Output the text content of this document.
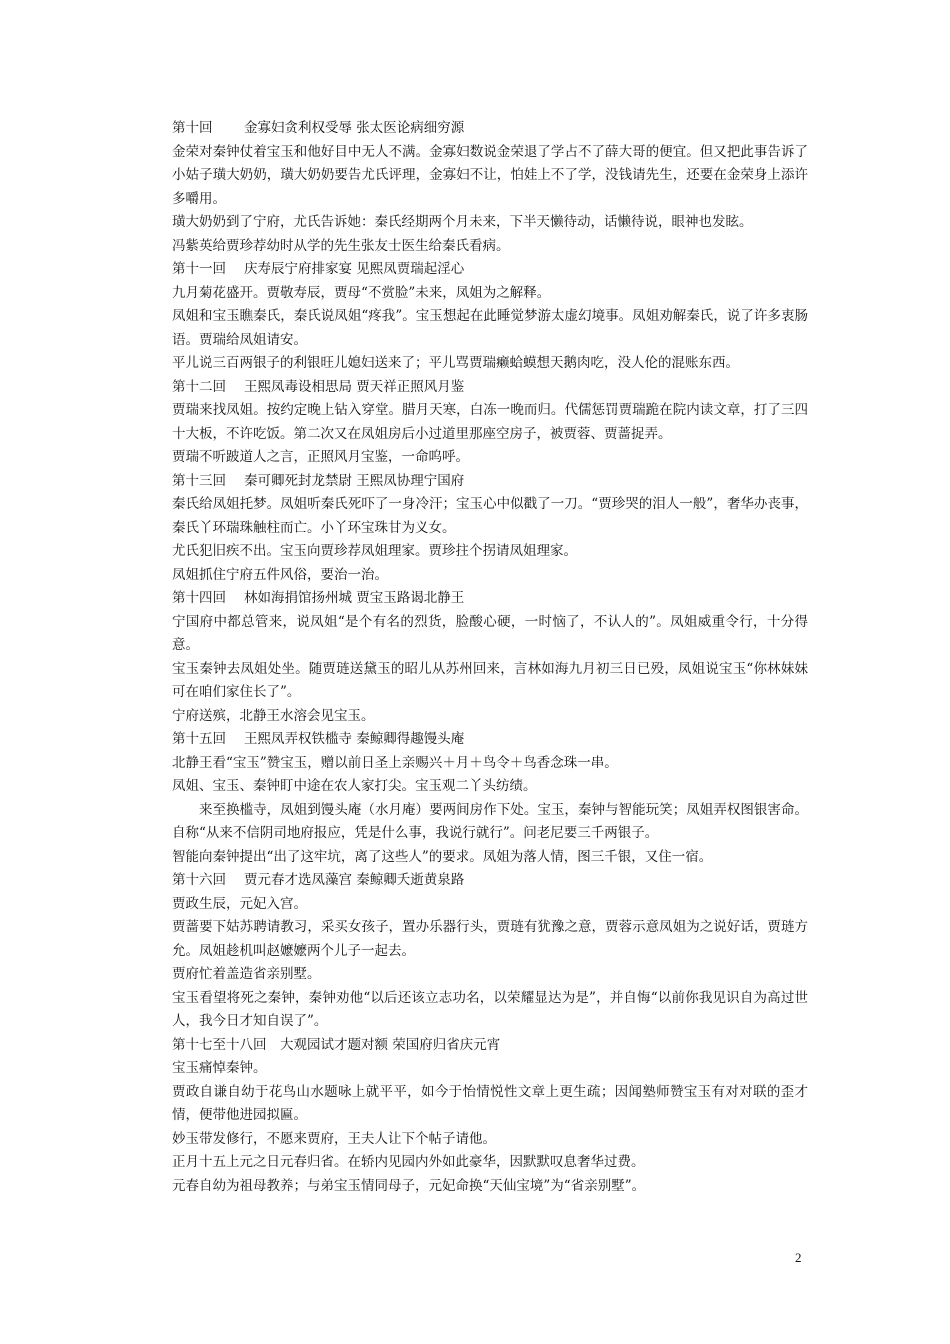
第十回 金寡妇贪利权受辱 张太医论病细穷源

金荣对秦钟仗着宝玉和他好目中无人不满。金寡妇数说金荣退了学占不了薛大哥的便宜。但又把此事告诉了小姑子璜大奶奶，璜大奶奶要告尤氏评理，金寡妇不让，怕娃上不了学，没钱请先生，还要在金荣身上添许多嚼用。

璜大奶奶到了宁府，尤氏告诉她：秦氏经期两个月未来，下半天懒待动，话懒待说，眼神也发眩。

冯紫英给贾珍荐幼时从学的先生张友士医生给秦氏看病。

第十一回 庆寿辰宁府排家宴 见熙凤贾瑞起淫心

九月菊花盛开。贾敬寿辰，贾母“不赏脸”未来，凤姐为之解释。

凤姐和宝玉瞧秦氏，秦氏说凤姐“疼我”。宝玉想起在此睡觉梦游太虚幻境事。凤姐劝解秦氏，说了许多衷肠语。贾瑞给凤姐请安。

平儿说三百两银子的利银旺儿媳妇送来了；平儿骂贾瑞癞蛤蟆想天鹅肉吃，没人伦的混账东西。

第十二回 王熙凤毒设相思局 贾天祥正照风月鉴

贾瑞来找凤姐。按约定晚上钻入穿堂。腊月天寒，白冻一晚而归。代儒惩罚贾瑞跪在院内读文章，打了三四十大板，不许吃饭。第二次又在凤姐房后小过道里那座空房子，被贾蓉、贾蔷捉弄。

贾瑞不听跛道人之言，正照风月宝鉴，一命呜呼。

第十三回 秦可卿死封龙禁尉 王熙凤协理宁国府

秦氏给凤姐托梦。凤姐听秦氏死吓了一身冷汗；宝玉心中似戳了一刀。“贾珍哭的泪人一般”，奢华办丧事，秦氏丫环瑞珠触柱而亡。小丫环宝珠甘为义女。

尤氏犯旧疾不出。宝玉向贾珍荐凤姐理家。贾珍拄个拐请凤姐理家。

凤姐抓住宁府五件风俗，要治一治。

第十四回 林如海捐馆扬州城 贾宝玉路谒北静王

宁国府中都总管来，说凤姐“是个有名的烈货，脸酸心硬，一时恼了，不认人的”。凤姐威重令行，十分得意。

宝玉秦钟去凤姐处坐。随贾琏送黛玉的昭儿从苏州回来，言林如海九月初三日已殁，凤姐说宝玉“你林妹妹可在咱们家住长了”。

宁府送殡，北静王水溶会见宝玉。

第十五回 王熙凤弄权铁槛寺 秦鲸卿得趣馒头庵

北静王看“宝玉”赞宝玉，赠以前日圣上亲赐兴＋月＋鸟令＋鸟香念珠一串。

凤姐、宝玉、秦钟盯中途在农人家打尖。宝玉观二丫头纺绩。

来至换槛寺，凤姐到馒头庵（水月庵）要两间房作下处。宝玉，秦钟与智能玩笑；凤姐弄权图银害命。自称“从来不信阴司地府报应，凭是什么事，我说行就行”。问老尼要三千两银子。

智能向秦钟提出“出了这牢坑，离了这些人”的要求。凤姐为落人情，图三千银，又住一宿。

第十六回 贾元春才选凤藻宫 秦鲸卿夭逝黄泉路

贾政生辰，元妃入宫。

贾蔷要下姑苏聘请教习，采买女孩子，置办乐器行头，贾琏有犹豫之意，贾蓉示意凤姐为之说好话，贾琏方允。凤姐趁机叫赵嬷嬷两个儿子一起去。

贾府忙着盖造省亲别墅。

宝玉看望将死之秦钟，秦钟劝他“以后还该立志功名，以荣耀显达为是”，并自悔“以前你我见识自为高过世人，我今日才知自误了”。

第十七至十八回 大观园试才题对额 荣国府归省庆元宵

宝玉痛悼秦钟。

贾政自谦自幼于花鸟山水题咏上就平平，如今于怡情悦性文章上更生疏；因闻塾师赞宝玉有对对联的歪才情，便带他进园拟匾。

妙玉带发修行，不愿来贾府，王夫人让下个帖子请他。

正月十五上元之日元春归省。在轿内见园内外如此豪华，因默默叹息奢华过费。

元春自幼为祖母教养；与弟宝玉情同母子，元妃命换“天仙宝境”为“省亲别墅”。

2
